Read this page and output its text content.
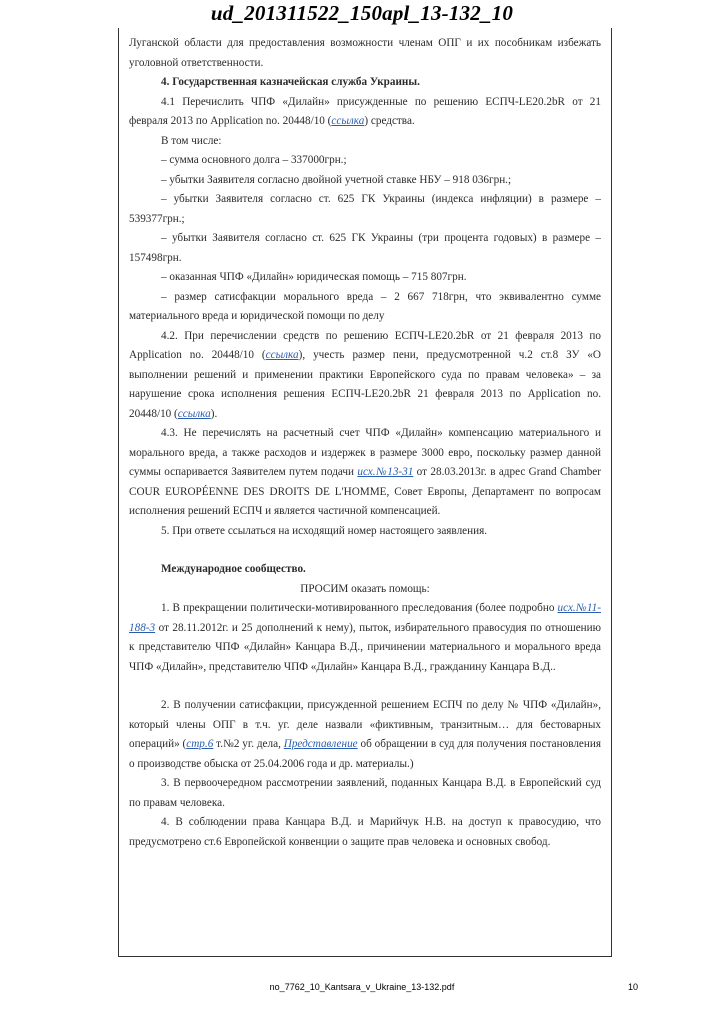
ud_201311522_150apl_13-132_10

Луганской области для предоставления возможности членам ОПГ и их пособникам избежать уголовной ответственности.

4. Государственная казначейская служба Украины.

4.1 Перечислить ЧПФ «Дилайн» присужденные по решению ЕСПЧ-LE20.2bR от 21 февраля 2013 по Application no. 20448/10 (ссылка) средства.

В том числе:

– сумма основного долга – 337000грн.;

– убытки Заявителя согласно двойной учетной ставке НБУ – 918 036грн.;

– убытки Заявителя согласно ст. 625 ГК Украины (индекса инфляции) в размере – 539377грн.;

– убытки Заявителя согласно ст. 625 ГК Украины (три процента годовых) в размере – 157498грн.

– оказанная ЧПФ «Дилайн» юридическая помощь – 715 807грн.

– размер сатисфакции морального вреда – 2 667 718грн, что эквивалентно сумме материального вреда и юридической помощи по делу

4.2. При перечислении средств по решению ЕСПЧ-LE20.2bR от 21 февраля 2013 по Application no. 20448/10 (ссылка), учесть размер пени, предусмотренной ч.2 ст.8 ЗУ «О выполнении решений и применении практики Европейского суда по правам человека» – за нарушение срока исполнения решения ЕСПЧ-LE20.2bR 21 февраля 2013 по Application no. 20448/10 (ссылка).

4.3. Не перечислять на расчетный счет ЧПФ «Дилайн» компенсацию материального и морального вреда, а также расходов и издержек в размере 3000 евро, поскольку размер данной суммы оспаривается Заявителем путем подачи исх.№13-31 от 28.03.2013г. в адрес Grand Chamber COUR EUROPÉENNE DES DROITS DE L'HOMME, Совет Европы, Департамент по вопросам исполнения решений ЕСПЧ и является частичной компенсацией.

5. При ответе ссылаться на исходящий номер настоящего заявления.

Международное сообщество.

ПРОСИМ оказать помощь:

1. В прекращении политически-мотивированного преследования (более подробно исх.№11-188-3 от 28.11.2012г. и 25 дополнений к нему), пыток, избирательного правосудия по отношению к представителю ЧПФ «Дилайн» Канцара В.Д., причинении материального и морального вреда ЧПФ «Дилайн», представителю ЧПФ «Дилайн» Канцара В.Д., гражданину Канцара В.Д..

2. В получении сатисфакции, присужденной решением ЕСПЧ по делу № ЧПФ «Дилайн», который члены ОПГ в т.ч. уг. деле назвали «фиктивным, транзитным… для бестоварных операций» (стр.6 т.№2 уг. дела, Представление об обращении в суд для получения постановления о производстве обыска от 25.04.2006 года и др. материалы.)

3. В первоочередном рассмотрении заявлений, поданных Канцара В.Д. в Европейский суд по правам человека.

4. В соблюдении права Канцара В.Д. и Марийчук Н.В. на доступ к правосудию, что предусмотрено ст.6 Европейской конвенции о защите прав человека и основных свобод.

no_7762_10_Kantsara_v_Ukraine_13-132.pdf	10
